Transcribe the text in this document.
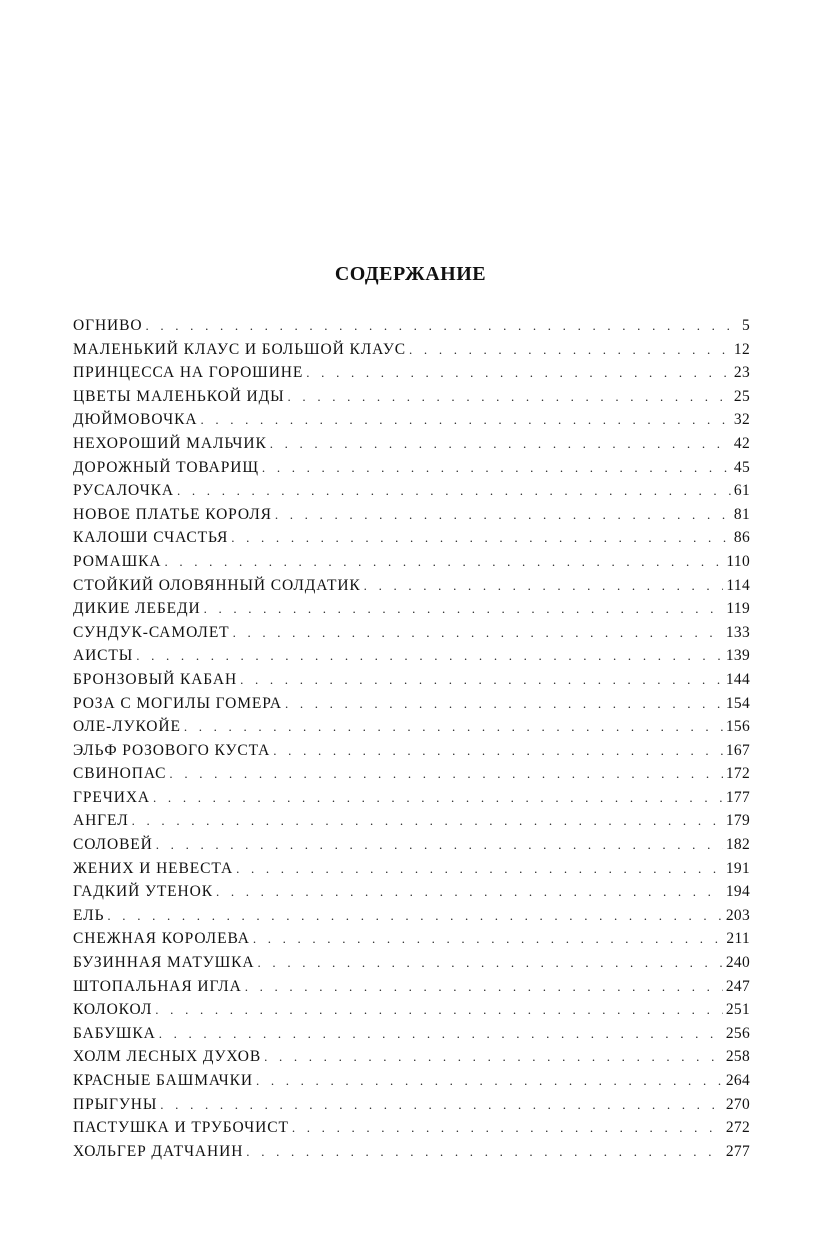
СОДЕРЖАНИЕ
ОГНИВО . . .	5
МАЛЕНЬКИЙ КЛАУС И БОЛЬШОЙ КЛАУС . . .	12
ПРИНЦЕССА НА ГОРОШИНЕ . . .	23
ЦВЕТЫ МАЛЕНЬКОЙ ИДЫ . . .	25
ДЮЙМОВОЧКА . . .	32
НЕХОРОШИЙ МАЛЬЧИК . . .	42
ДОРОЖНЫЙ ТОВАРИЩ . . .	45
РУСАЛОЧКА . . .	61
НОВОЕ ПЛАТЬЕ КОРОЛЯ . . .	81
КАЛОШИ СЧАСТЬЯ . . .	86
РОМАШКА . . .	110
СТОЙКИЙ ОЛОВЯННЫЙ СОЛДАТИК . . .	114
ДИКИЕ ЛЕБЕДИ . . .	119
СУНДУК-САМОЛЕТ . . .	133
АИСТЫ . . .	139
БРОНЗОВЫЙ КАБАН . . .	144
РОЗА С МОГИЛЫ ГОМЕРА . . .	154
ОЛЕ-ЛУКОЙЕ . . .	156
ЭЛЬФ РОЗОВОГО КУСТА . . .	167
СВИНОПАС . . .	172
ГРЕЧИХА . . .	177
АНГЕЛ . . .	179
СОЛОВЕЙ . . .	182
ЖЕНИХ И НЕВЕСТА . . .	191
ГАДКИЙ УТЕНОК . . .	194
ЕЛЬ . . .	203
СНЕЖНАЯ КОРОЛЕВА . . .	211
БУЗИННАЯ МАТУШКА . . .	240
ШТОПАЛЬНАЯ ИГЛА . . .	247
КОЛОКОЛ . . .	251
БАБУШКА . . .	256
ХОЛМ ЛЕСНЫХ ДУХОВ . . .	258
КРАСНЫЕ БАШМАЧКИ . . .	264
ПРЫГУНЫ . . .	270
ПАСТУШКА И ТРУБОЧИСТ . . .	272
ХОЛЬГЕР ДАТЧАНИН . . .	277
